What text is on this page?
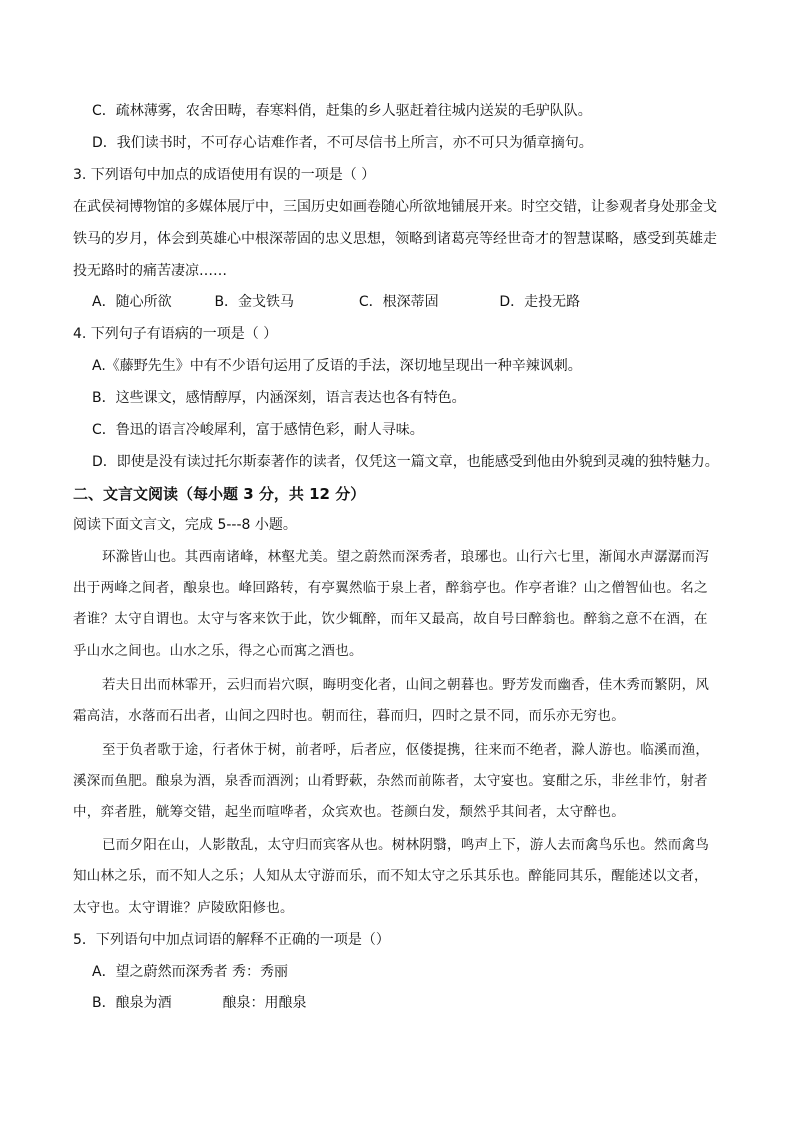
C．疏林薄雾，农舍田畴，春寒料俏，赶集的乡人驱赶着往城内送炭的毛驴队队。
D．我们读书时，不可存心诘难作者，不可尽信书上所言，亦不可只为循章摘句。
3. 下列语句中加点的成语使用有误的一项是（ ）
在武侯祠博物馆的多媒体展厅中，三国历史如画卷随心所欲地铺展开来。时空交错，让参观者身处那金戈
铁马的岁月，体会到英雄心中根深蒂固的忠义思想，领略到诸葛亮等经世奇才的智慧谋略，感受到英雄走
投无路时的痛苦凄凉……
A．随心所欲	B．金戈铁马	C．根深蒂固	D．走投无路
4. 下列句子有语病的一项是（ ）
A.《藤野先生》中有不少语句运用了反语的手法，深切地呈现出一种辛辣讽刺。
B．这些课文，感情醇厚，内涵深刻，语言表达也各有特色。
C．鲁迅的语言冷峻犀利，富于感情色彩，耐人寻味。
D．即使是没有读过托尔斯泰著作的读者，仅凭这一篇文章，也能感受到他由外貌到灵魂的独特魅力。
二、文言文阅读（每小题 3 分，共 12 分）
阅读下面文言文，完成 5---8 小题。
环滁皆山也。其西南诸峰，林壑尤美。望之蔚然而深秀者，琅琊也。山行六七里，渐闻水声潺潺而泻
出于两峰之间者，酿泉也。峰回路转，有亭翼然临于泉上者，醉翁亭也。作亭者谁？山之僧智仙也。名之
者谁？太守自谓也。太守与客来饮于此，饮少辄醉，而年又最高，故自号曰醉翁也。醉翁之意不在酒，在
乎山水之间也。山水之乐，得之心而寓之酒也。
若夫日出而林霏开，云归而岩穴暝，晦明变化者，山间之朝暮也。野芳发而幽香，佳木秀而繁阴，风
霜高洁，水落而石出者，山间之四时也。朝而往，暮而归，四时之景不同，而乐亦无穷也。
至于负者歌于途，行者休于树，前者呼，后者应，伛偻提携，往来而不绝者，滁人游也。临溪而渔，
溪深而鱼肥。酿泉为酒，泉香而酒洌；山肴野蔌，杂然而前陈者，太守宴也。宴酣之乐，非丝非竹，射者
中，弈者胜，觥筹交错，起坐而喧哗者，众宾欢也。苍颜白发，颓然乎其间者，太守醉也。
已而夕阳在山，人影散乱，太守归而宾客从也。树林阴翳，鸣声上下，游人去而禽鸟乐也。然而禽鸟
知山林之乐，而不知人之乐；人知从太守游而乐，而不知太守之乐其乐也。醉能同其乐，醒能述以文者，
太守也。太守谓谁？庐陵欧阳修也。
5．下列语句中加点词语的解释不正确的一项是（）
A．望之蔚然而深秀者 秀：秀丽
B．酿泉为酒	酿泉：用酿泉
